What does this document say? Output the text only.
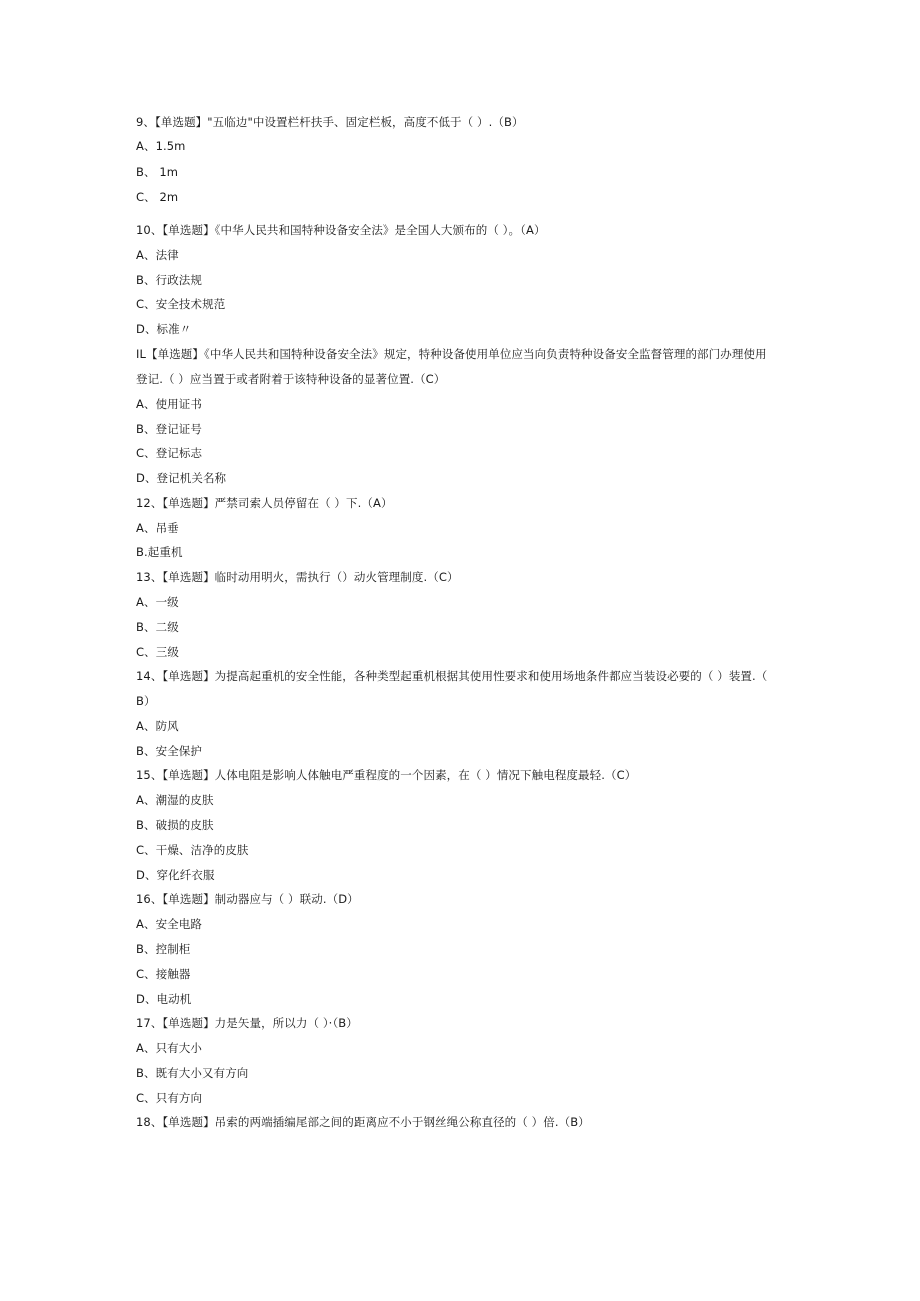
9、【单选题】"五临边"中设置栏杆扶手、固定栏板，高度不低于（ ）.（B）
A、1.5m
B、 1m
C、 2m
10、【单选题】《中华人民共和国特种设备安全法》是全国人大颁布的（ ）。（A）
A、法律
B、行政法规
C、安全技术规范
D、标准〃
IL【单选题】《中华人民共和国特种设备安全法》规定，特种设备使用单位应当向负责特种设备安全监督管理的部门办理使用
登记.（ ）应当置于或者附着于该特种设备的显著位置.（C）
A、使用证书
B、登记证号
C、登记标志
D、登记机关名称
12、【单选题】严禁司索人员停留在（ ）下.（A）
A、吊垂
B.起重机
13、【单选题】临时动用明火，需执行（）动火管理制度.（C）
A、一级
B、二级
C、三级
14、【单选题】为提高起重机的安全性能，各种类型起重机根据其使用性要求和使用场地条件都应当装设必要的（ ）装置.（
B）
A、防风
B、安全保护
15、【单选题】人体电阻是影响人体触电严重程度的一个因素，在（ ）情况下触电程度最轻.（C）
A、潮湿的皮肤
B、破损的皮肤
C、干燥、洁净的皮肤
D、穿化纤衣服
16、【单选题】制动器应与（ ）联动.（D）
A、安全电路
B、控制柜
C、接触器
D、电动机
17、【单选题】力是矢量，所以力（ ）·（B）
A、只有大小
B、既有大小又有方向
C、只有方向
18、【单选题】吊索的两端插编尾部之间的距离应不小于钢丝绳公称直径的（ ）倍.（B）
